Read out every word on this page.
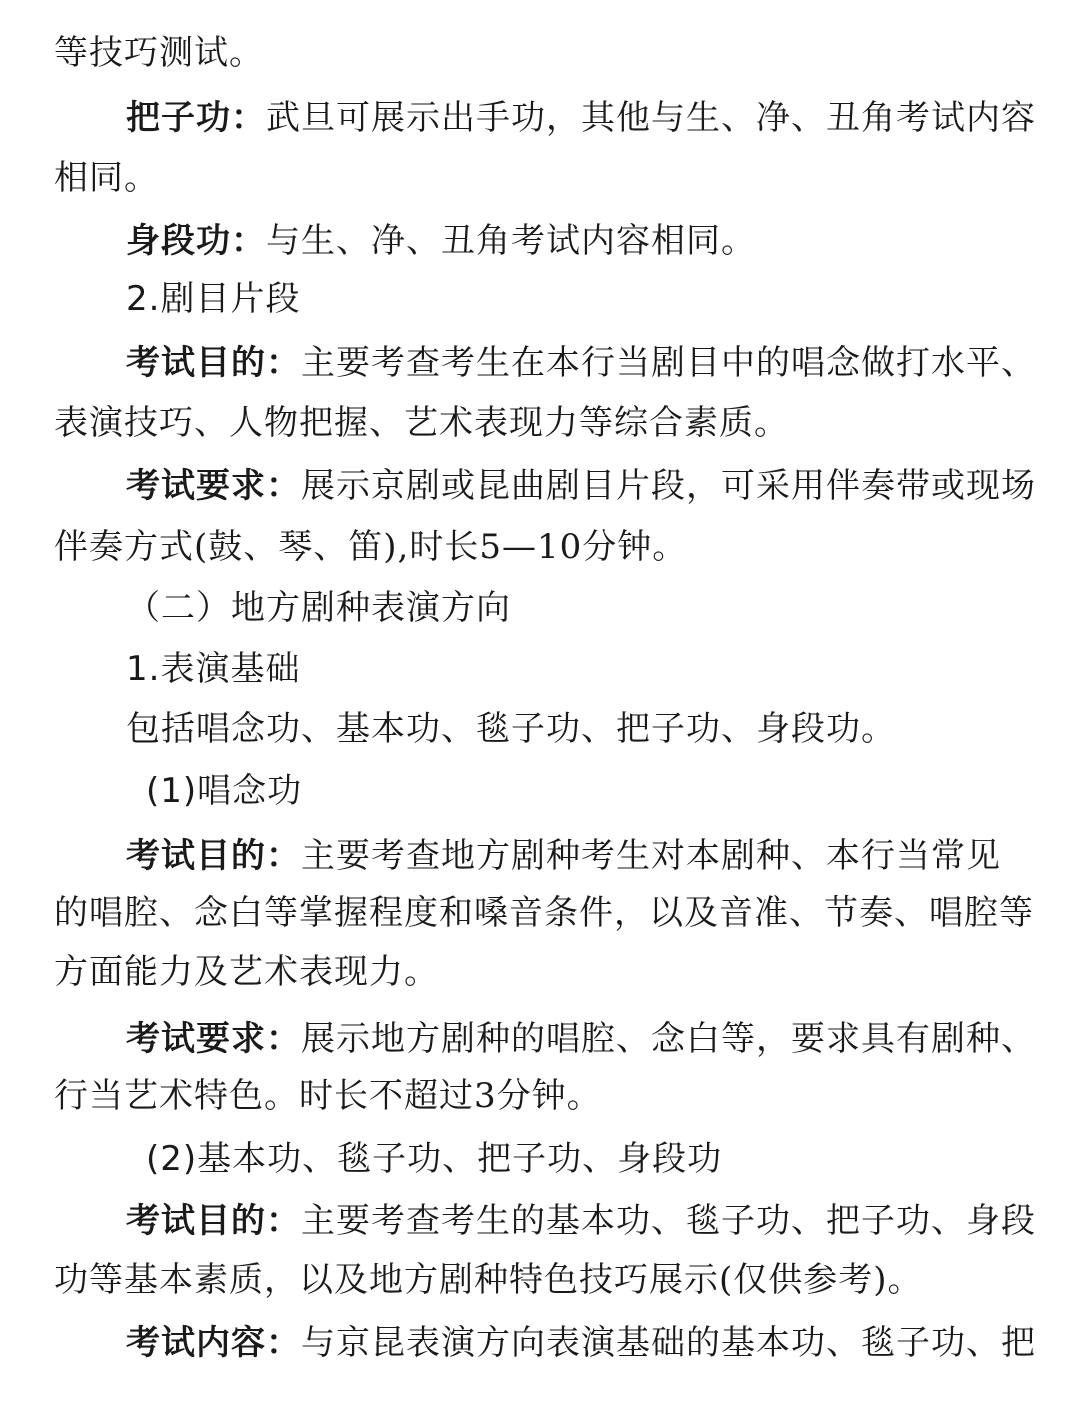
等技巧测试。
把子功：武旦可展示出手功，其他与生、净、丑角考试内容
相同。
身段功：与生、净、丑角考试内容相同。
2.剧目片段
考试目的：主要考查考生在本行当剧目中的唱念做打水平、
表演技巧、人物把握、艺术表现力等综合素质。
考试要求：展示京剧或昆曲剧目片段，可采用伴奏带或现场
伴奏方式(鼓、琴、笛),时长5—10分钟。
（二）地方剧种表演方向
1.表演基础
包括唱念功、基本功、毯子功、把子功、身段功。
(1)唱念功
考试目的：主要考查地方剧种考生对本剧种、本行当常见
的唱腔、念白等掌握程度和嗓音条件，以及音准、节奏、唱腔等
方面能力及艺术表现力。
考试要求：展示地方剧种的唱腔、念白等，要求具有剧种、
行当艺术特色。时长不超过3分钟。
(2)基本功、毯子功、把子功、身段功
考试目的：主要考查考生的基本功、毯子功、把子功、身段
功等基本素质，以及地方剧种特色技巧展示(仅供参考)。
考试内容：与京昆表演方向表演基础的基本功、毯子功、把
